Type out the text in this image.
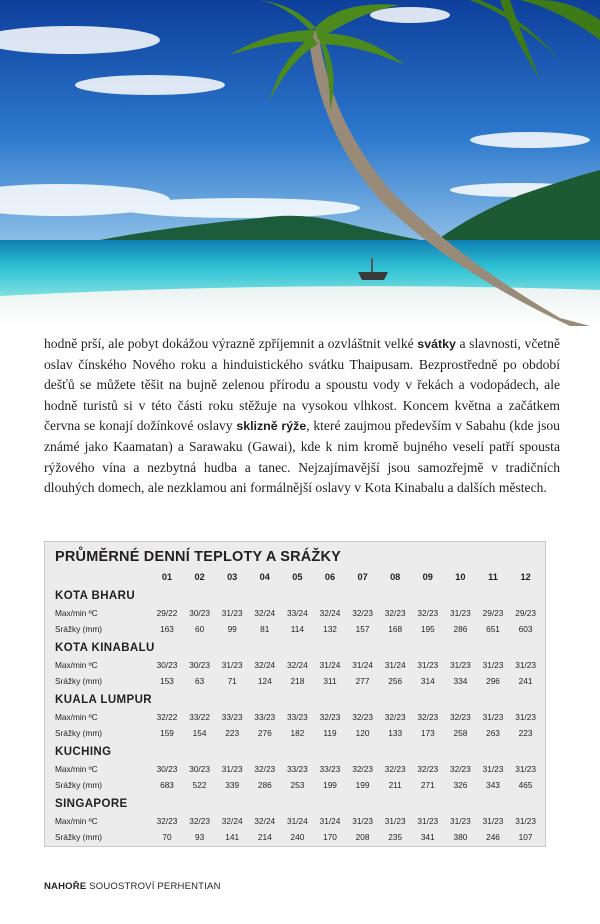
hodně prší, ale pobyt dokážou výrazně zpříjemnit a ozvláštnit velké svátky a slavnosti, včetně oslav čínského Nového roku a hinduistického svátku Thaipusam. Bezprostředně po období dešťů se můžete těšit na bujně zelenou přírodu a spoustu vody v řekách a vodopádech, ale hodně turistů si v této části roku stěžuje na vysokou vlhkost. Koncem května a začátkem června se konají dožínkové oslavy sklizně rýže, které zaujmou především v Sabahu (kde jsou známé jako Kaamatan) a Sarawaku (Gawai), kde k nim kromě bujného veselí patří spousta rýžového vína a nezbytná hudba a tanec. Nejzajímavější jsou samozřejmě v tradičních dlouhých domech, ale nezklamou ani formálnější oslavy v Kota Kinabalu a dalších městech.
PRŮMĚRNÉ DENNÍ TEPLOTY A SRÁŽKY
01	02	03	04	05	06	07	08	09	10	11	12
KOTA BHARU
Max/min ºC	29/22	30/23	31/23	32/24	33/24	32/24	32/23	32/23	32/23	31/23	29/23	29/23
Srážky (mm)	163	60	99	81	114	132	157	168	195	286	651	603
KOTA KINABALU
Max/min ºC	30/23	30/23	31/23	32/24	32/24	31/24	31/24	31/24	31/23	31/23	31/23	31/23
Srážky (mm)	153	63	71	124	218	311	277	256	314	334	296	241
KUALA LUMPUR
Max/min ºC	32/22	33/22	33/23	33/23	33/23	32/23	32/23	32/23	32/23	32/23	31/23	31/23
Srážky (mm)	159	154	223	276	182	119	120	133	173	258	263	223
KUCHING
Max/min ºC	30/23	30/23	31/23	32/23	33/23	33/23	32/23	32/23	32/23	32/23	31/23	31/23
Srážky (mm)	683	522	339	286	253	199	199	211	271	326	343	465
SINGAPORE
Max/min ºC	32/23	32/23	32/24	32/24	31/24	31/24	31/23	31/23	31/23	31/23	31/23	31/23
Srážky (mm)	70	93	141	214	240	170	208	235	341	380	246	107
NAHOŘE SOUOSTROVÍ PERHENTIAN
